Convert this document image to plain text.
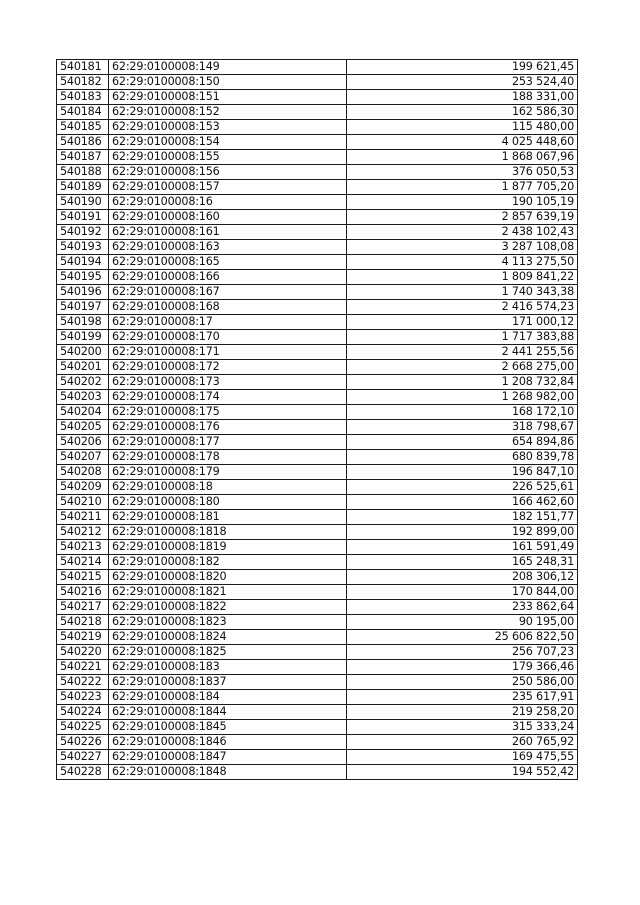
540181	62:29:0100008:149	199 621,45
540182	62:29:0100008:150	253 524,40
540183	62:29:0100008:151	188 331,00
540184	62:29:0100008:152	162 586,30
540185	62:29:0100008:153	115 480,00
540186	62:29:0100008:154	4 025 448,60
540187	62:29:0100008:155	1 868 067,96
540188	62:29:0100008:156	376 050,53
540189	62:29:0100008:157	1 877 705,20
540190	62:29:0100008:16	190 105,19
540191	62:29:0100008:160	2 857 639,19
540192	62:29:0100008:161	2 438 102,43
540193	62:29:0100008:163	3 287 108,08
540194	62:29:0100008:165	4 113 275,50
540195	62:29:0100008:166	1 809 841,22
540196	62:29:0100008:167	1 740 343,38
540197	62:29:0100008:168	2 416 574,23
540198	62:29:0100008:17	171 000,12
540199	62:29:0100008:170	1 717 383,88
540200	62:29:0100008:171	2 441 255,56
540201	62:29:0100008:172	2 668 275,00
540202	62:29:0100008:173	1 208 732,84
540203	62:29:0100008:174	1 268 982,00
540204	62:29:0100008:175	168 172,10
540205	62:29:0100008:176	318 798,67
540206	62:29:0100008:177	654 894,86
540207	62:29:0100008:178	680 839,78
540208	62:29:0100008:179	196 847,10
540209	62:29:0100008:18	226 525,61
540210	62:29:0100008:180	166 462,60
540211	62:29:0100008:181	182 151,77
540212	62:29:0100008:1818	192 899,00
540213	62:29:0100008:1819	161 591,49
540214	62:29:0100008:182	165 248,31
540215	62:29:0100008:1820	208 306,12
540216	62:29:0100008:1821	170 844,00
540217	62:29:0100008:1822	233 862,64
540218	62:29:0100008:1823	90 195,00
540219	62:29:0100008:1824	25 606 822,50
540220	62:29:0100008:1825	256 707,23
540221	62:29:0100008:183	179 366,46
540222	62:29:0100008:1837	250 586,00
540223	62:29:0100008:184	235 617,91
540224	62:29:0100008:1844	219 258,20
540225	62:29:0100008:1845	315 333,24
540226	62:29:0100008:1846	260 765,92
540227	62:29:0100008:1847	169 475,55
540228	62:29:0100008:1848	194 552,42
